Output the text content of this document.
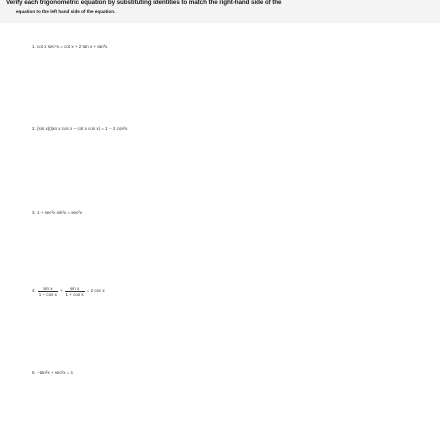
Verify each trigonometric equation by substituting identities to match the right-hand side of the
equation to the left hand side of the equation.
1. cot x sec⁴x = cot x + 2 tan x + tan³x
2. (sin x)(tan x cos x − cot x cos x) = 1 − 2 cos²x
3. 1 + sec²x sin²x = sec²x
4. $\frac{\text{sin x}}{\text{1 − cos x}} + \frac{\text{sin x}}{\text{1 + cos x}} = 2$ csc x
5. −tan²x + sec²x = 1
